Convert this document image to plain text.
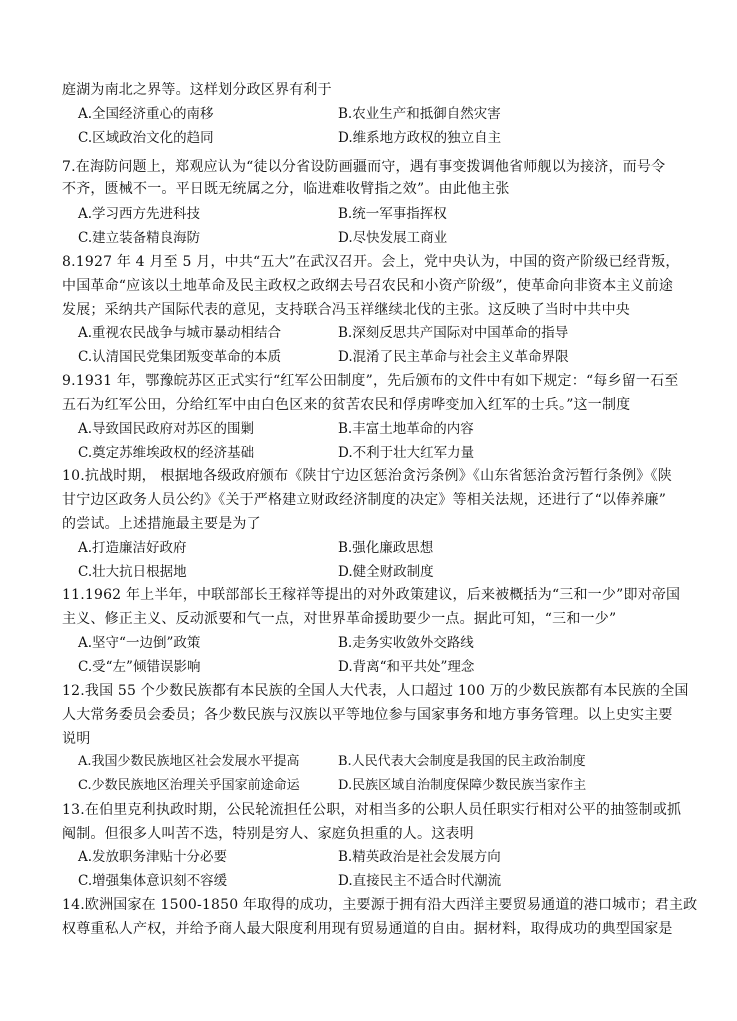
庭湖为南北之界等。这样划分政区界有利于
7.在海防问题上，郑观应认为“徒以分省设防画疆而守，遇有事变拨调他省师舰以为接济，而号令
不齐，匮械不一。平日既无统属之分，临进难收臂指之效”。由此他主张
8.1927 年 4 月至 5 月，中共“五大”在武汉召开。会上，党中央认为，中国的资产阶级已经背叛，
中国革命“应该以土地革命及民主政权之政纲去号召农民和小资产阶级”，使革命向非资本主义前途
发展；采纳共产国际代表的意见，支持联合冯玉祥继续北伐的主张。这反映了当时中共中央
9.1931 年，鄂豫皖苏区正式实行“红军公田制度”，先后颁布的文件中有如下规定：“每乡留一石至
五石为红军公田，分给红军中由白色区来的贫苦农民和俘虏哗变加入红军的士兵。”这一制度
10.抗战时期， 根据地各级政府颁布《陕甘宁边区惩治贪污条例》《山东省惩治贪污暂行条例》《陕
甘宁边区政务人员公约》《关于严格建立财政经济制度的决定》等相关法规，还进行了“以俸养廉”
的尝试。上述措施最主要是为了
11.1962 年上半年，中联部部长王稼祥等提出的对外政策建议，后来被概括为“三和一少”即对帝国
主义、修正主义、反动派要和气一点，对世界革命援助要少一点。据此可知，“三和一少”
12.我国 55 个少数民族都有本民族的全国人大代表，人口超过 100 万的少数民族都有本民族的全国
人大常务委员会委员；各少数民族与汉族以平等地位参与国家事务和地方事务管理。以上史实主要
说明
13.在伯里克利执政时期，公民轮流担任公职，对相当多的公职人员任职实行相对公平的抽签制或抓
阄制。但很多人叫苦不迭，特别是穷人、家庭负担重的人。这表明
14.欧洲国家在 1500-1850 年取得的成功，主要源于拥有沿大西洋主要贸易通道的港口城市；君主政
权尊重私人产权，并给予商人最大限度利用现有贸易通道的自由。据材料，取得成功的典型国家是
A.全国经济重心的南移	B.农业生产和抵御自然灾害
C.区域政治文化的趋同	D.维系地方政权的独立自主
A.学习西方先进科技	B.统一军事指挥权
C.建立装备精良海防	D.尽快发展工商业
A.重视农民战争与城市暴动相结合	B.深刻反思共产国际对中国革命的指导
C.认清国民党集团叛变革命的本质	D.混淆了民主革命与社会主义革命界限
A.导致国民政府对苏区的围剿	B.丰富土地革命的内容
C.奠定苏维埃政权的经济基础	D.不利于壮大红军力量
A.打造廉洁好政府	B.强化廉政思想
C.壮大抗日根据地	D.健全财政制度
A.坚守“一边倒”政策	B.走务实收敛外交路线
C.受“左”倾错误影响	D.背离“和平共处”理念
A.我国少数民族地区社会发展水平提高	B.人民代表大会制度是我国的民主政治制度
C.少数民族地区治理关乎国家前途命运	D.民族区域自治制度保障少数民族当家作主
A.发放职务津贴十分必要	B.精英政治是社会发展方向
C.增强集体意识刻不容缓	D.直接民主不适合时代潮流
